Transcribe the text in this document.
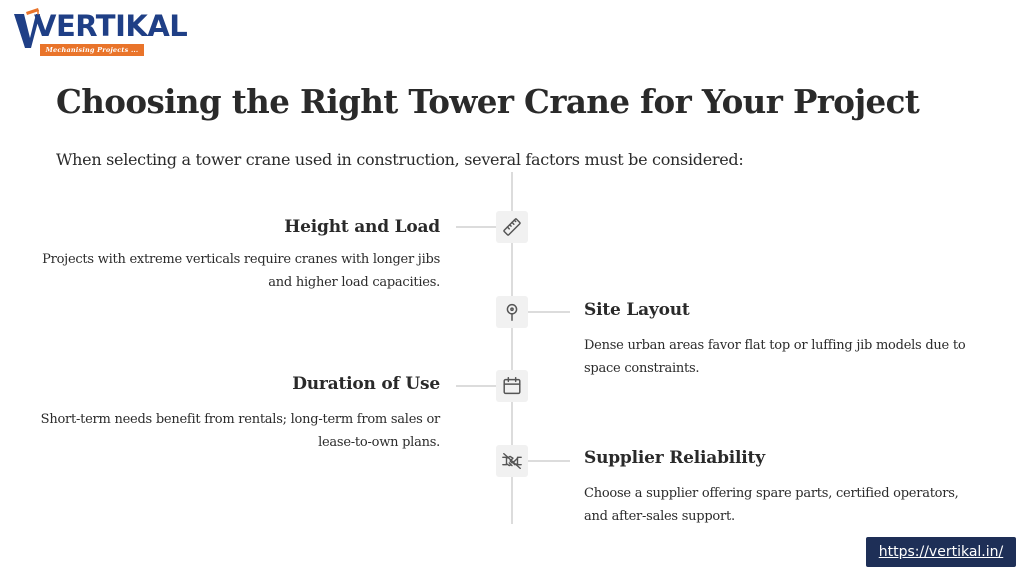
VERTIKAL
Mechanising Projects ...
Choosing the Right Tower Crane for Your Project

When selecting a tower crane used in construction, several factors must be considered:

Height and Load

Projects with extreme verticals require cranes with longer jibs and higher load capacities.

Site Layout

Dense urban areas favor flat top or luffing jib models due to space constraints.

Duration of Use

Short-term needs benefit from rentals; long-term from sales or lease-to-own plans.

Supplier Reliability

Choose a supplier offering spare parts, certified operators, and after-sales support.

https://vertikal.in/
